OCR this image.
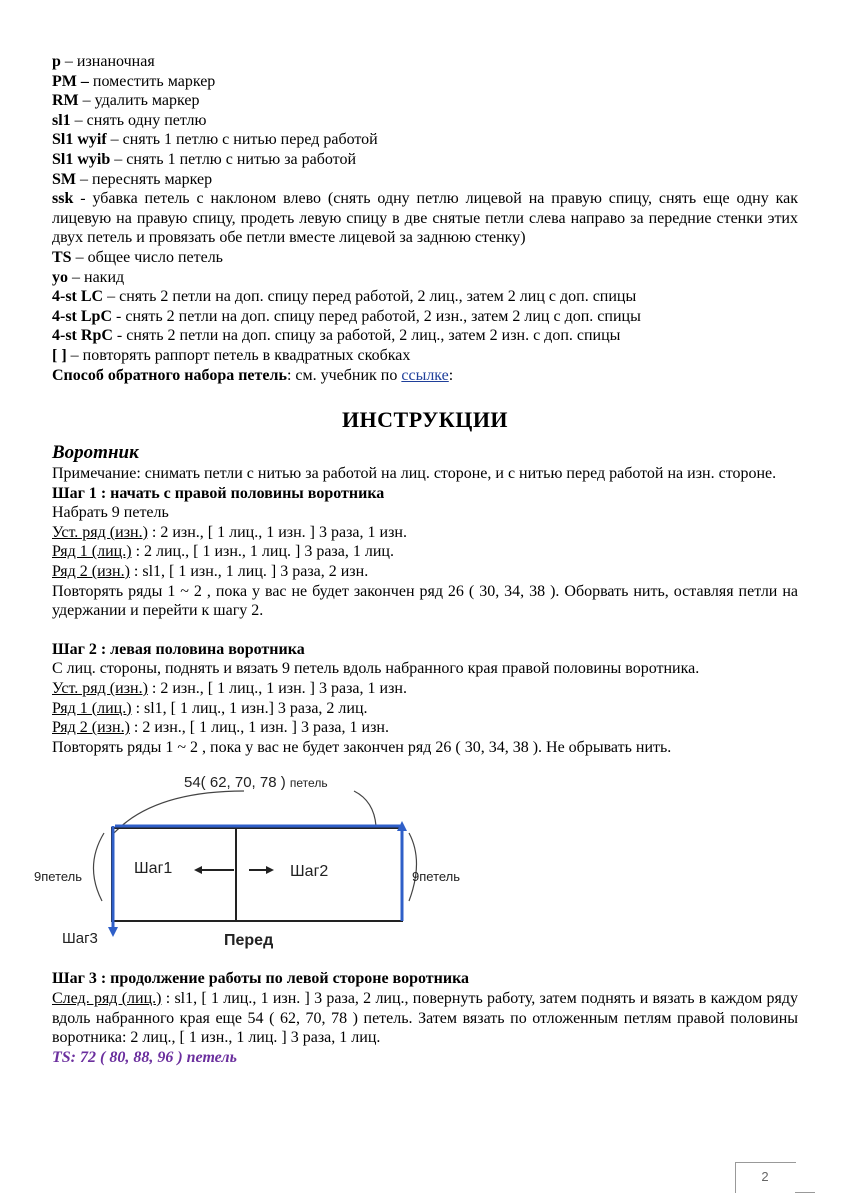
p – изнаночная

PM – поместить маркер

RM – удалить маркер

sl1 – снять одну петлю

Sl1 wyif – снять 1 петлю с нитью перед работой

Sl1 wyib – снять 1 петлю с нитью за работой

SM – переснять маркер

ssk - убавка петель с наклоном влево (снять одну петлю лицевой на правую спицу, снять еще одну как лицевую на правую спицу, продеть левую спицу в две снятые петли слева направо за передние стенки этих двух петель и провязать обе петли вместе лицевой за заднюю стенку)

TS – общее число петель

yo – накид

4-st LC – снять 2 петли на доп. спицу перед работой, 2 лиц., затем 2 лиц с доп. спицы

4-st LpC - снять 2 петли на доп. спицу перед работой, 2 изн., затем 2 лиц с доп. спицы

4-st RpC - снять 2 петли на доп. спицу за работой, 2 лиц., затем 2 изн. с доп. спицы

[ ] – повторять раппорт петель в квадратных скобках

Способ обратного набора петель: см. учебник по ссылке:

ИНСТРУКЦИИ
Воротник

Примечание: снимать петли с нитью за работой на лиц. стороне, и с нитью перед работой на изн. стороне.

Шаг 1 : начать с правой половины воротника

Набрать 9 петель

Уст. ряд (изн.) : 2 изн., [ 1 лиц., 1 изн. ] 3 раза, 1 изн.

Ряд 1 (лиц.) : 2 лиц., [ 1 изн., 1 лиц. ] 3 раза, 1 лиц.

Ряд 2 (изн.) : sl1, [ 1 изн., 1 лиц. ] 3 раза, 2 изн.

Повторять ряды 1 ~ 2 , пока у вас не будет закончен ряд 26 ( 30, 34, 38 ). Оборвать нить, оставляя петли на удержании и перейти к шагу 2.

Шаг 2 : левая половина воротника

С лиц. стороны, поднять и вязать 9 петель вдоль набранного края правой половины воротника.

Уст. ряд (изн.) : 2 изн., [ 1 лиц., 1 изн. ] 3 раза, 1 изн.

Ряд 1 (лиц.) : sl1, [ 1 лиц., 1 изн.] 3 раза, 2 лиц.

Ряд 2 (изн.) : 2 изн., [ 1 лиц., 1 изн. ] 3 раза, 1 изн.

Повторять ряды 1 ~ 2 , пока у вас не будет закончен ряд 26 ( 30, 34, 38 ). Не обрывать нить.

54( 62, 70, 78 ) петель
9петель	9петель
Шаг1	Шаг2
Шаг3	Перед

Шаг 3 : продолжение работы по левой стороне воротника

След. ряд (лиц.) : sl1, [ 1 лиц., 1 изн. ] 3 раза, 2 лиц., повернуть работу, затем поднять и вязать в каждом ряду вдоль набранного края еще 54 ( 62, 70, 78 ) петель. Затем вязать по отложенным петлям правой половины воротника: 2 лиц., [ 1 изн., 1 лиц. ] 3 раза, 1 лиц.

TS: 72 ( 80, 88, 96 ) петель

2
